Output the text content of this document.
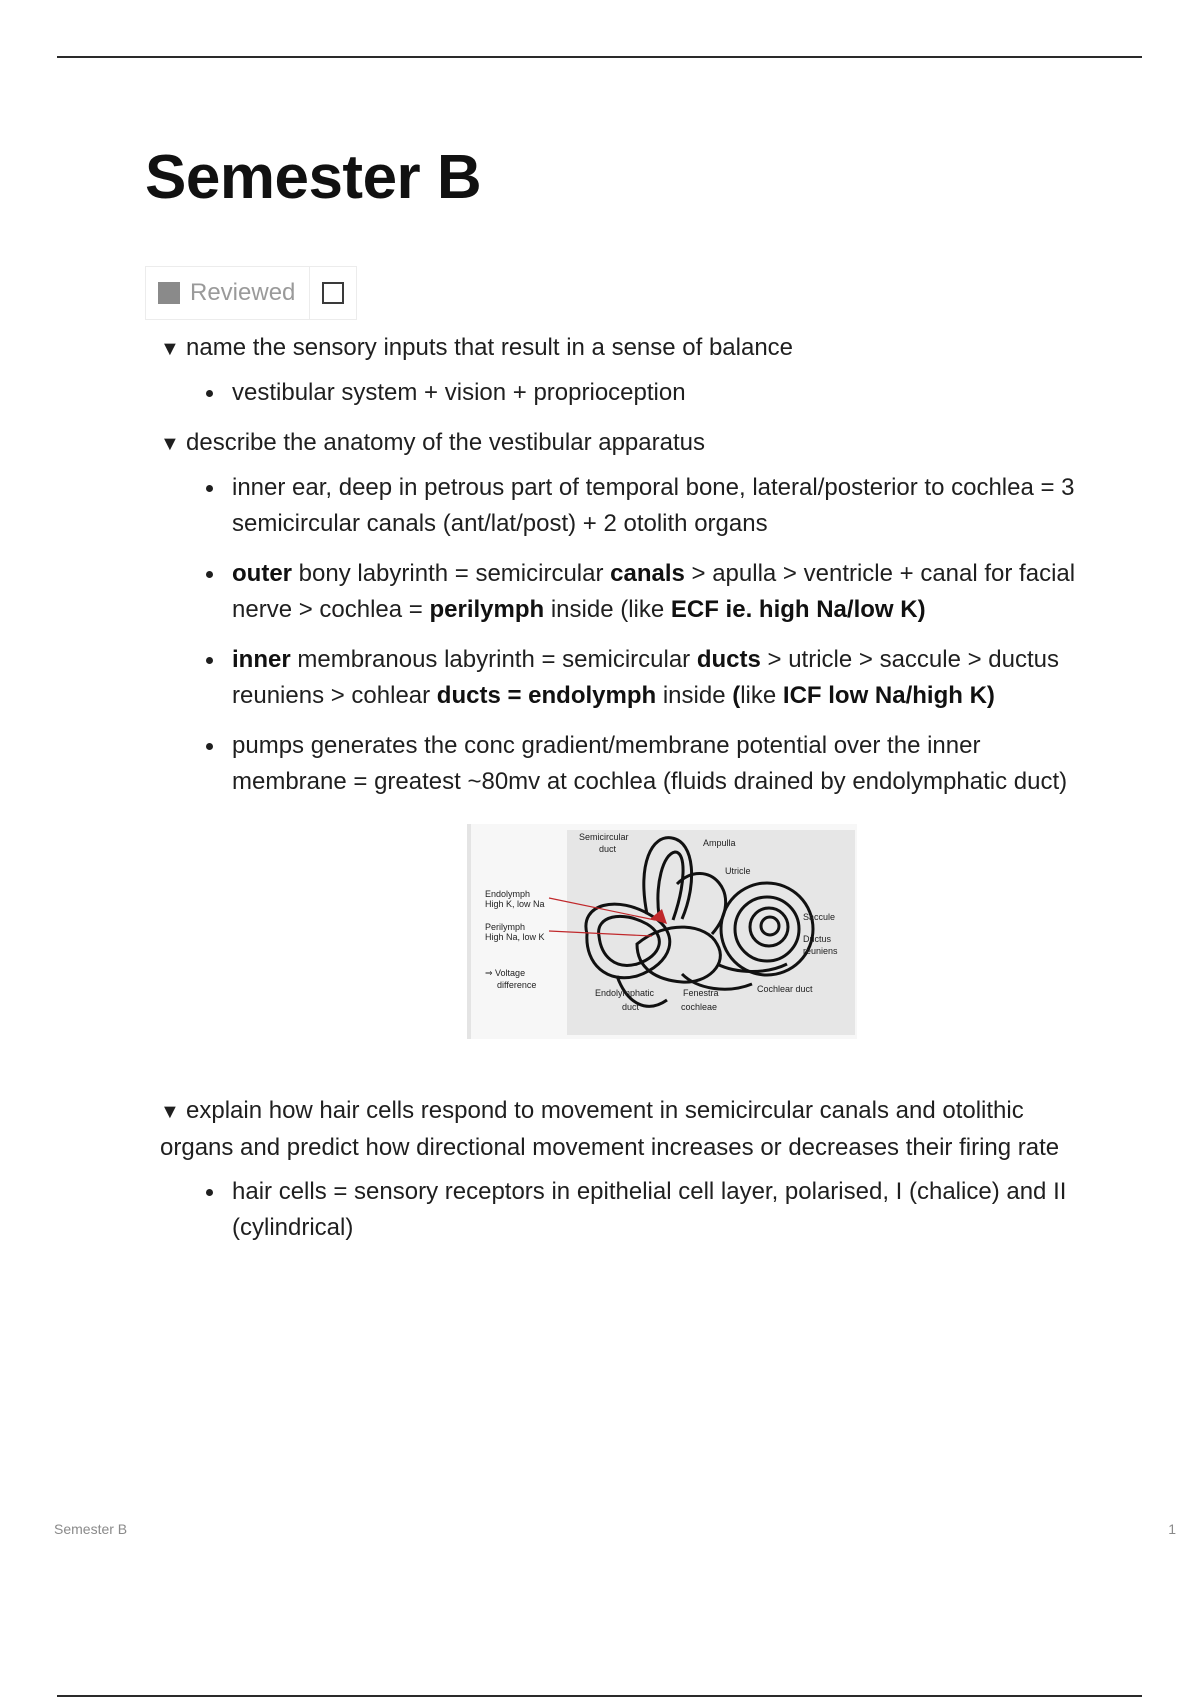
Semester B
Reviewed
▼ name the sensory inputs that result in a sense of balance
vestibular system + vision + proprioception
▼ describe the anatomy of the vestibular apparatus
inner ear, deep in petrous part of temporal bone, lateral/posterior to cochlea = 3 semicircular canals (ant/lat/post) + 2 otolith organs
outer bony labyrinth = semicircular canals > apulla > ventricle + canal for facial nerve > cochlea = perilymph inside (like ECF ie. high Na/low K)
inner membranous labyrinth = semicircular ducts > utricle > saccule > ductus reuniens > cohlear ducts = endolymph inside (like ICF low Na/high K)
pumps generates the conc gradient/membrane potential over the inner membrane = greatest ~80mv at cochlea (fluids drained by endolymphatic duct)
Semicircular
duct
Ampulla
Utricle
Endolymph
High K, low Na
Perilymph
High Na, low K
⇒ Voltage
difference
Saccule
Ductus
reuniens
Endolymphatic
duct
Fenestra
cochleae
Cochlear duct
▼ explain how hair cells respond to movement in semicircular canals and otolithic organs and predict how directional movement increases or decreases their firing rate
hair cells = sensory receptors in epithelial cell layer, polarised, I (chalice) and II (cylindrical)
Semester B	1
